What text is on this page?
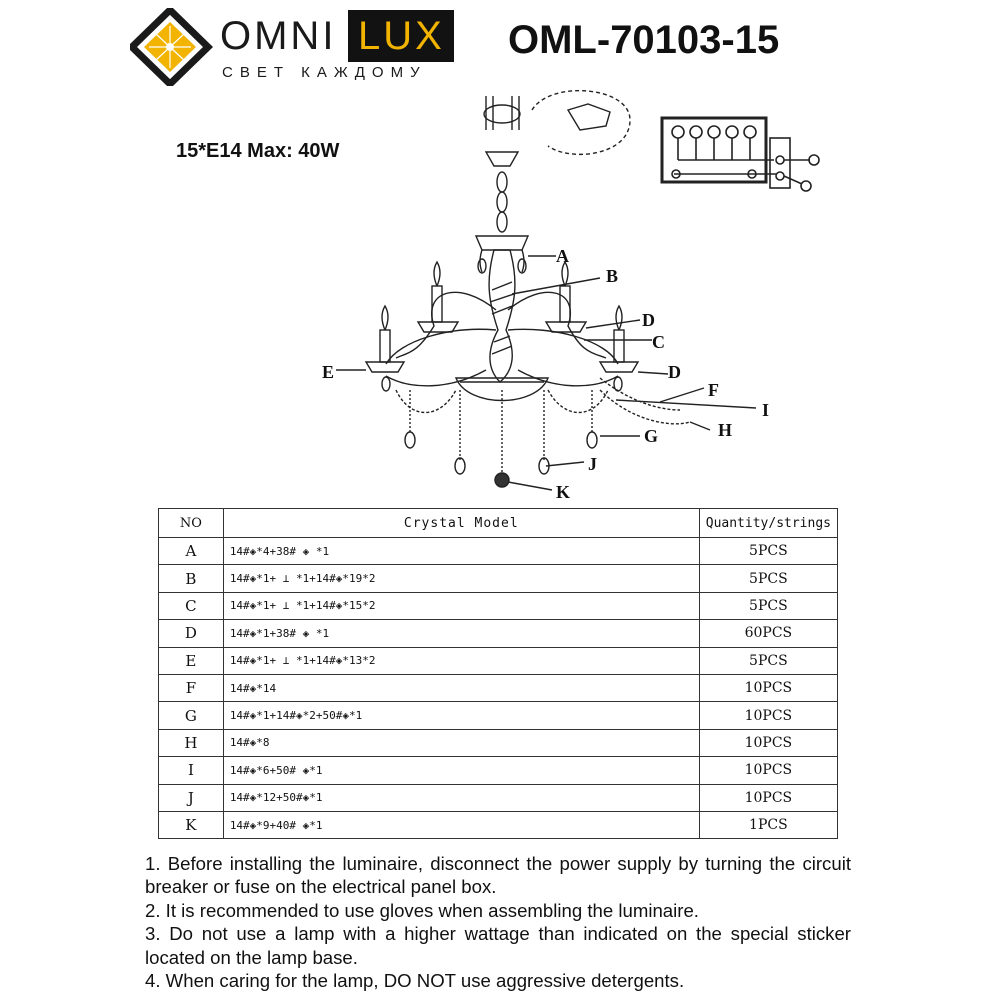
OMNI LUX
СВЕТ КАЖДОМУ
OML-70103-15
15*E14 Max: 40W
A
B
C
D
D
E
F
G	H
I
J
K
NO	Crystal Model	Quantity/strings
A	14#◈*4+38# ◈ *1	5PCS
B	14#◈*1+ ⊥ *1+14#◈*19*2	5PCS
C	14#◈*1+ ⊥ *1+14#◈*15*2	5PCS
D	14#◈*1+38# ◈ *1	60PCS
E	14#◈*1+ ⊥ *1+14#◈*13*2	5PCS
F	14#◈*14	10PCS
G	14#◈*1+14#◈*2+50#◈*1	10PCS
H	14#◈*8	10PCS
I	14#◈*6+50# ◈*1	10PCS
J	14#◈*12+50#◈*1	10PCS
K	14#◈*9+40# ◈*1	1PCS

1. Before installing the luminaire, disconnect the power supply by turning the circuit breaker or fuse on the electrical panel box.

2. It is recommended to use gloves when assembling the luminaire.

3. Do not use a lamp with a higher wattage than indicated on the special sticker located on the lamp base.

4. When caring for the lamp, DO NOT use aggressive detergents.
